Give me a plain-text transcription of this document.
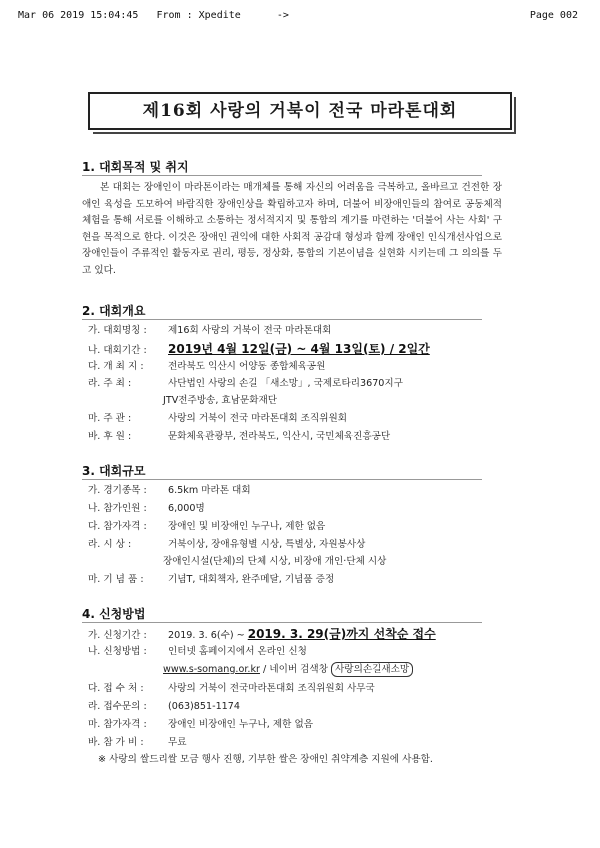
Mar 06 2019 15:04:45 From : Xpedite	->	Page 002
제16회 사랑의 거북이 전국 마라톤대회
1. 대회목적 및 취지
본 대회는 장애인이 마라톤이라는 매개체를 통해 자신의 어려움을 극복하고, 올바르고 건전한 장애인 육성을 도모하여 바람직한 장애인상을 확립하고자 하며, 더불어 비장애인들의 참여로 공동체적 체험을 통해 서로를 이해하고 소통하는 정서적지지 및 통합의 계기를 마련하는 '더불어 사는 사회' 구현을 목적으로 한다. 이것은 장애인 권익에 대한 사회적 공감대 형성과 함께 장애인 인식개선사업으로 장애인들이 주류적인 활동자로 권리, 평등, 정상화, 통합의 기본이념을 실현화 시키는데 그 의의를 두고 있다.
2. 대회개요
가. 대회명칭 : 제16회 사랑의 거북이 전국 마라톤대회
나. 대회기간 : 2019년 4월 12일(금) ~ 4월 13일(토) / 2일간
다. 개 최 지 :	전라북도 익산시 어양동 종합체육공원
라. 주 최 :	사단법인 사랑의 손길 「새소망」, 국제로타리3670지구
JTV전주방송, 효남문화재단
마. 주 관 :	사랑의 거북이 전국 마라톤대회 조직위원회
바. 후 원 :	문화체육관광부, 전라북도, 익산시, 국민체육진흥공단
3. 대회규모
가. 경기종목 : 6.5km 마라톤 대회
나. 참가인원 : 6,000명
다. 참가자격 : 장애인 및 비장애인 누구나, 제한 없음
라. 시 상 :	거북이상, 장애유형별 시상, 특별상, 자원봉사상
장애인시설(단체)의 단체 시상, 비장애 개인·단체 시상
마. 기 념 품 :	기념T, 대회책자, 완주메달, 기념품 증정
4. 신청방법
가. 신청기간 : 2019. 3. 6(수) ~ 2019. 3. 29(금)까지 선착순 접수
나. 신청방법 : 인터넷 홈페이지에서 온라인 신청
www.s-somang.or.kr / 네이버 검색창 사랑의손길새소망
다. 접 수 처 :	사랑의 거북이 전국마라톤대회 조직위원회 사무국
라. 접수문의 : (063)851-1174
마. 참가자격 : 장애인 비장애인 누구나, 제한 없음
바. 참 가 비 :	무료
※ 사랑의 쌀드리쌀 모금 행사 진행, 기부한 쌀은 장애인 취약계층 지원에 사용함.
